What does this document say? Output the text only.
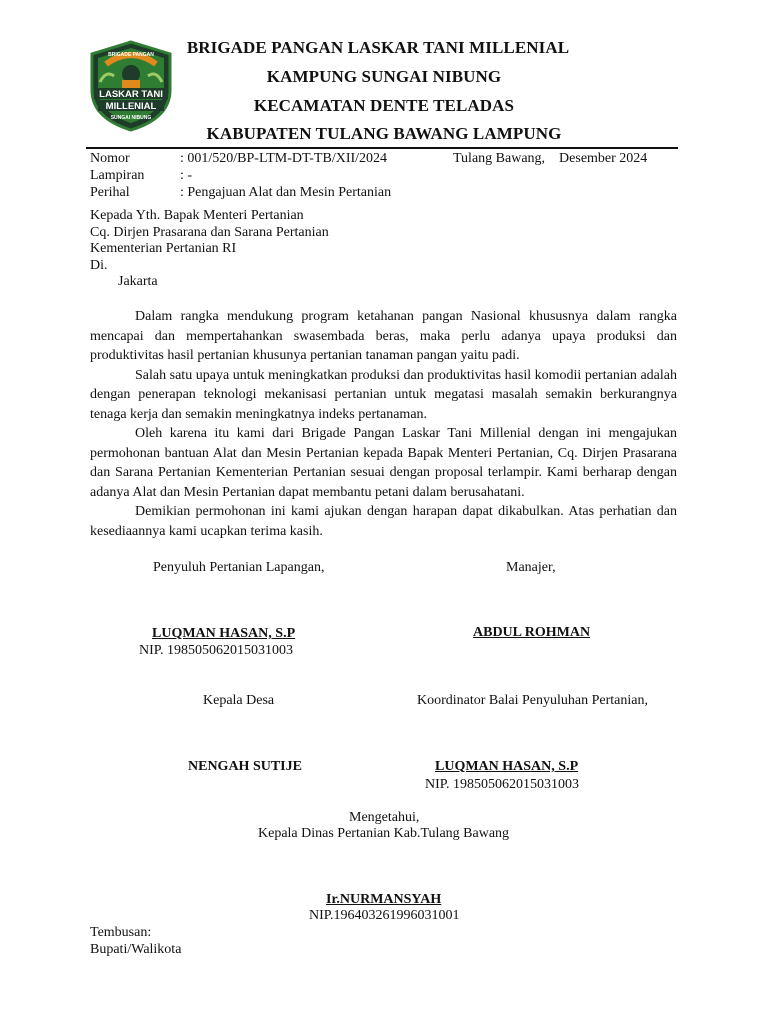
LASKAR TANI
MILLENIAL
BRIGADE PANGAN
SUNGAI NIBUNG
BRIGADE PANGAN LASKAR TANI MILLENIAL
KAMPUNG SUNGAI NIBUNG
KECAMATAN DENTE TELADAS
KABUPATEN TULANG BAWANG LAMPUNG
Nomor	: 001/520/BP-LTM-DT-TB/XII/2024
Lampiran	: -
Perihal	: Pengajuan Alat dan Mesin Pertanian
Tulang Bawang, Desember 2024
Kepada Yth. Bapak Menteri Pertanian
Cq. Dirjen Prasarana dan Sarana Pertanian
Kementerian Pertanian RI
Di.
Jakarta

Dalam rangka mendukung program ketahanan pangan Nasional khususnya dalam rangka mencapai dan mempertahankan swasembada beras, maka perlu adanya upaya produksi dan produktivitas hasil pertanian khusunya pertanian tanaman pangan yaitu padi.

Salah satu upaya untuk meningkatkan produksi dan produktivitas hasil komodii pertanian adalah dengan penerapan teknologi mekanisasi pertanian untuk megatasi masalah semakin berkurangnya tenaga kerja dan semakin meningkatnya indeks pertanaman.

Oleh karena itu kami dari Brigade Pangan Laskar Tani Millenial dengan ini mengajukan permohonan bantuan Alat dan Mesin Pertanian kepada Bapak Menteri Pertanian, Cq. Dirjen Prasarana dan Sarana Pertanian Kementerian Pertanian sesuai dengan proposal terlampir. Kami berharap dengan adanya Alat dan Mesin Pertanian dapat membantu petani dalam berusahatani.

Demikian permohonan ini kami ajukan dengan harapan dapat dikabulkan. Atas perhatian dan kesediaannya kami ucapkan terima kasih.

Penyuluh Pertanian Lapangan,	Manajer,
LUQMAN HASAN, S.P
NIP. 198505062015031003
ABDUL ROHMAN
Kepala Desa	Koordinator Balai Penyuluhan Pertanian,
NENGAH SUTIJE	LUQMAN HASAN, S.P
NIP. 198505062015031003
Mengetahui,
Kepala Dinas Pertanian Kab.Tulang Bawang
Ir.NURMANSYAH
NIP.196403261996031001
Tembusan:
Bupati/Walikota
